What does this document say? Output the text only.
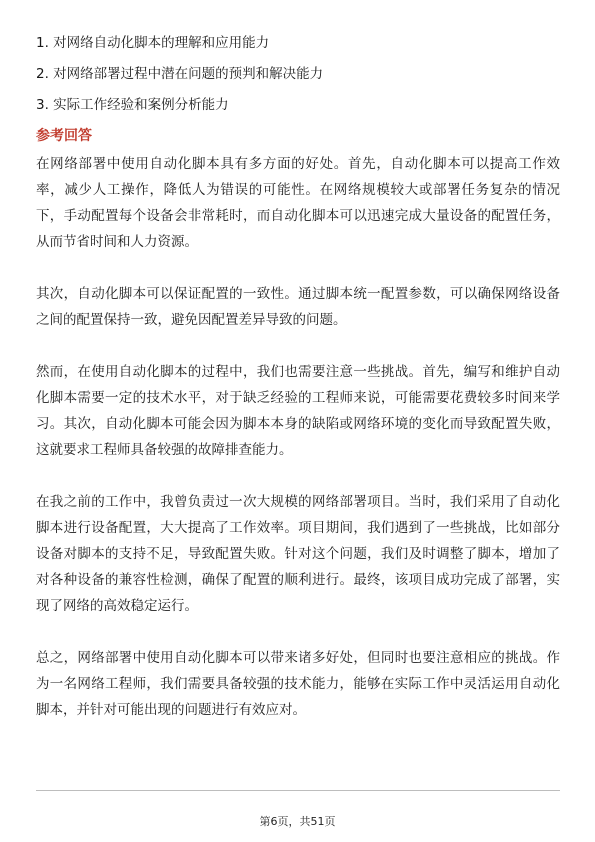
1. 对网络自动化脚本的理解和应用能力
2. 对网络部署过程中潜在问题的预判和解决能力
3. 实际工作经验和案例分析能力
参考回答

在网络部署中使用自动化脚本具有多方面的好处。首先，自动化脚本可以提高工作效率，减少人工操作，降低人为错误的可能性。在网络规模较大或部署任务复杂的情况下，手动配置每个设备会非常耗时，而自动化脚本可以迅速完成大量设备的配置任务，从而节省时间和人力资源。

其次，自动化脚本可以保证配置的一致性。通过脚本统一配置参数，可以确保网络设备之间的配置保持一致，避免因配置差异导致的问题。

然而，在使用自动化脚本的过程中，我们也需要注意一些挑战。首先，编写和维护自动化脚本需要一定的技术水平，对于缺乏经验的工程师来说，可能需要花费较多时间来学习。其次，自动化脚本可能会因为脚本本身的缺陷或网络环境的变化而导致配置失败，这就要求工程师具备较强的故障排查能力。

在我之前的工作中，我曾负责过一次大规模的网络部署项目。当时，我们采用了自动化脚本进行设备配置，大大提高了工作效率。项目期间，我们遇到了一些挑战，比如部分设备对脚本的支持不足，导致配置失败。针对这个问题，我们及时调整了脚本，增加了对各种设备的兼容性检测，确保了配置的顺利进行。最终，该项目成功完成了部署，实现了网络的高效稳定运行。

总之，网络部署中使用自动化脚本可以带来诸多好处，但同时也要注意相应的挑战。作为一名网络工程师，我们需要具备较强的技术能力，能够在实际工作中灵活运用自动化脚本，并针对可能出现的问题进行有效应对。

第6页，共51页
